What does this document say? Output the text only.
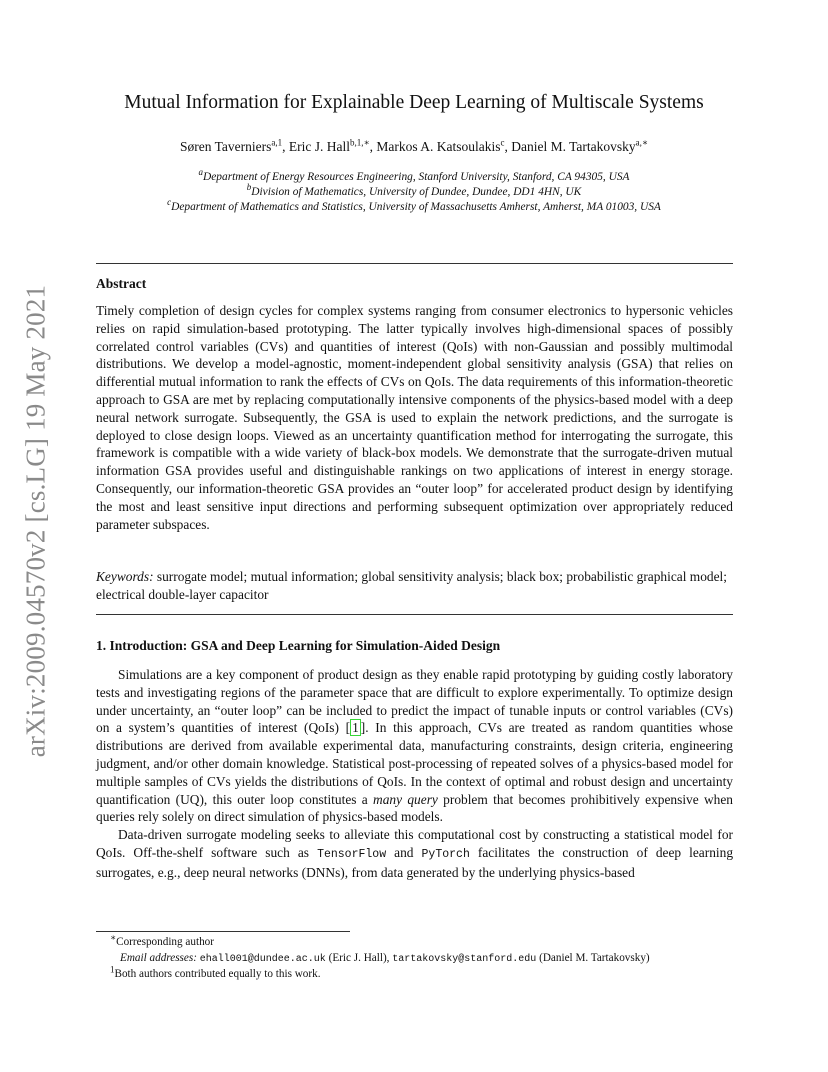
arXiv:2009.04570v2 [cs.LG] 19 May 2021
Mutual Information for Explainable Deep Learning of Multiscale Systems
Søren Taverniers$^{a,1}$, Eric J. Hall$^{b,1,∗}$, Markos A. Katsoulakis$^c$, Daniel M. Tartakovsky$^{a,∗}$
$^a$Department of Energy Resources Engineering, Stanford University, Stanford, CA 94305, USA
$^b$Division of Mathematics, University of Dundee, Dundee, DD1 4HN, UK
$^c$Department of Mathematics and Statistics, University of Massachusetts Amherst, Amherst, MA 01003, USA
Abstract

Timely completion of design cycles for complex systems ranging from consumer electronics to hypersonic vehicles relies on rapid simulation-based prototyping. The latter typically involves high-dimensional spaces of possibly correlated control variables (CVs) and quantities of interest (QoIs) with non-Gaussian and possibly multimodal distributions. We develop a model-agnostic, moment-independent global sensitivity analysis (GSA) that relies on differential mutual information to rank the effects of CVs on QoIs. The data requirements of this information-theoretic approach to GSA are met by replacing computationally intensive components of the physics-based model with a deep neural network surrogate. Subsequently, the GSA is used to explain the network predictions, and the surrogate is deployed to close design loops. Viewed as an uncertainty quantification method for interrogating the surrogate, this framework is compatible with a wide variety of black-box models. We demonstrate that the surrogate-driven mutual information GSA provides useful and distinguishable rankings on two applications of interest in energy storage. Consequently, our information-theoretic GSA provides an “outer loop” for accelerated product design by identifying the most and least sensitive input directions and performing subsequent optimization over appropriately reduced parameter subspaces.

Keywords: surrogate model; mutual information; global sensitivity analysis; black box; probabilistic graphical model; electrical double-layer capacitor
1. Introduction: GSA and Deep Learning for Simulation-Aided Design

Simulations are a key component of product design as they enable rapid prototyping by guiding costly laboratory tests and investigating regions of the parameter space that are difficult to explore experimentally. To optimize design under uncertainty, an “outer loop” can be included to predict the impact of tunable inputs or control variables (CVs) on a system’s quantities of interest (QoIs) [ 1 ]. In this approach, CVs are treated as random quantities whose distributions are derived from available experimental data, manufacturing constraints, design criteria, engineering judgment, and/or other domain knowledge. Statistical post-processing of repeated solves of a physics-based model for multiple samples of CVs yields the distributions of QoIs. In the context of optimal and robust design and uncertainty quantification (UQ), this outer loop constitutes a many query problem that becomes prohibitively expensive when queries rely solely on direct simulation of physics-based models.

Data-driven surrogate modeling seeks to alleviate this computational cost by constructing a statistical model for QoIs. Off-the-shelf software such as TensorFlow and PyTorch facilitates the construction of deep learning surrogates, e.g., deep neural networks (DNNs), from data generated by the underlying physics-based

∗Corresponding author

Email addresses: ehall001@dundee.ac.uk (Eric J. Hall), tartakovsky@stanford.edu (Daniel M. Tartakovsky)

$^1$Both authors contributed equally to this work.
